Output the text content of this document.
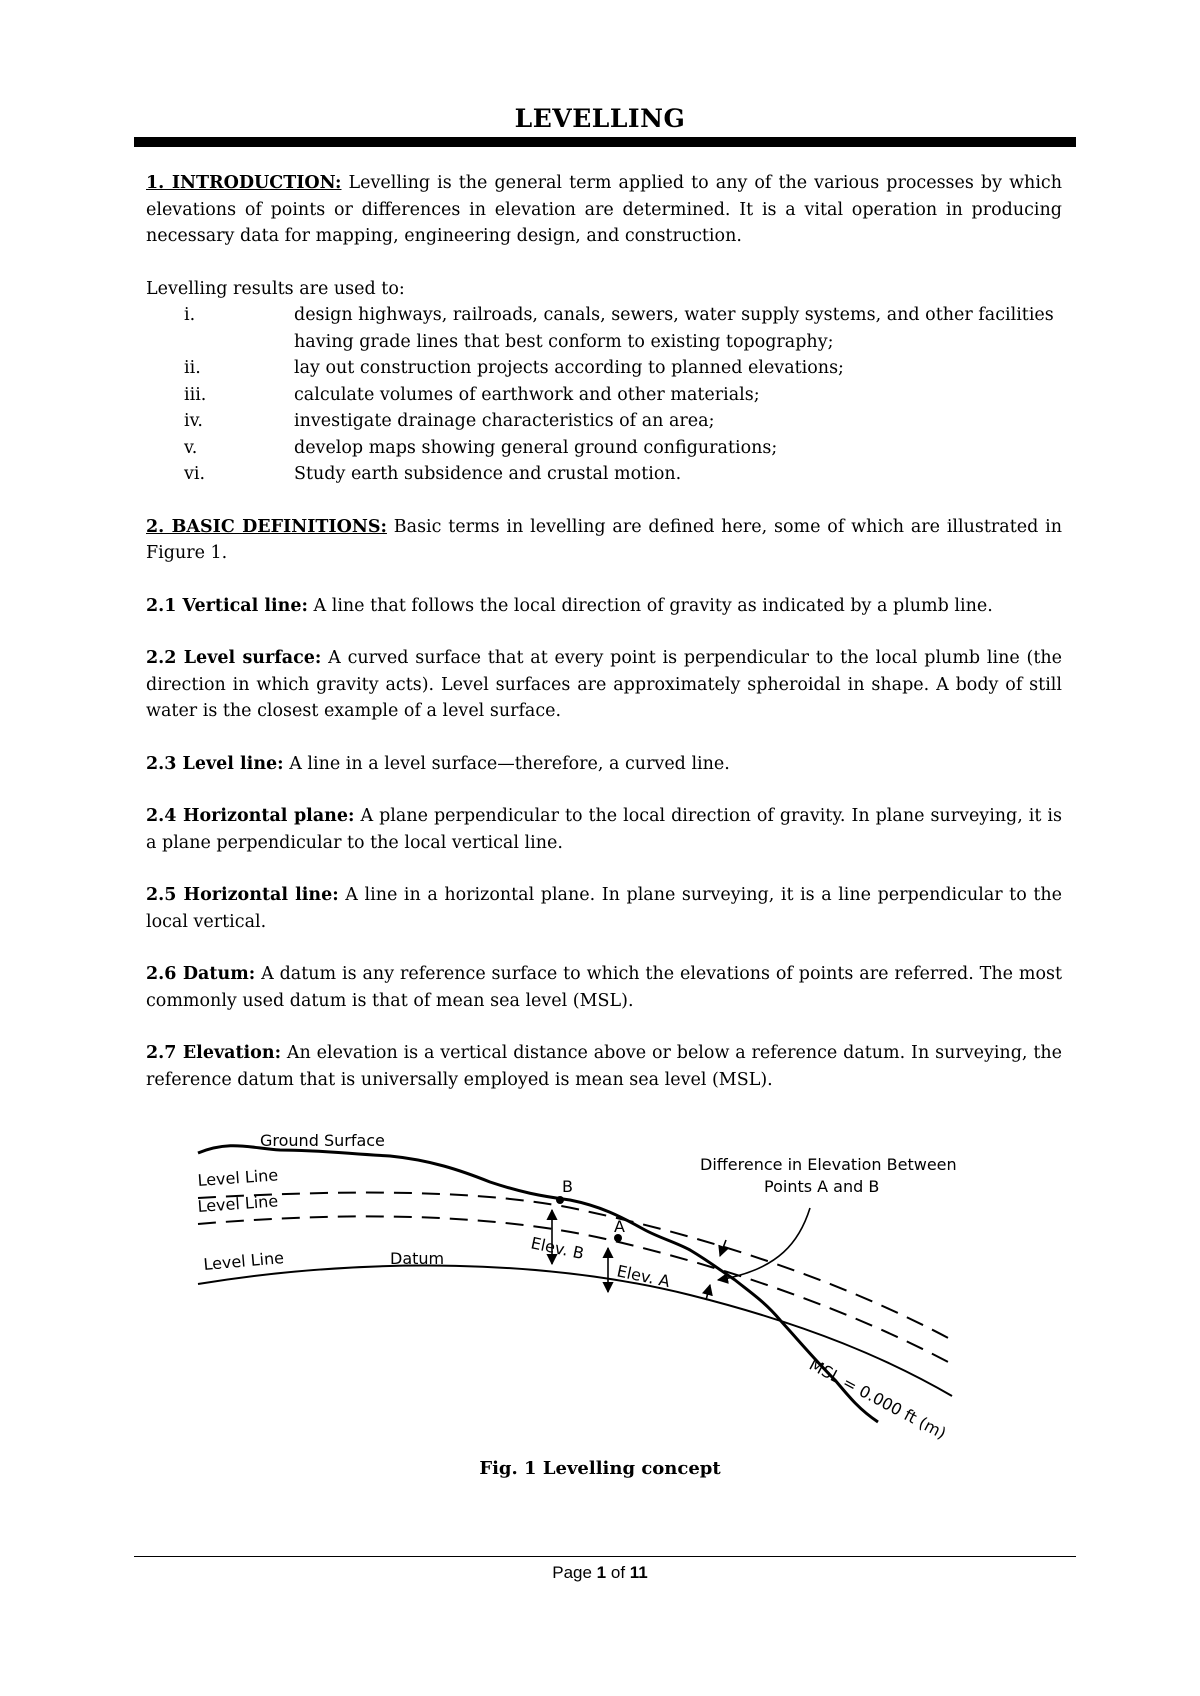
LEVELLING

1. INTRODUCTION: Levelling is the general term applied to any of the various processes by which elevations of points or differences in elevation are determined. It is a vital operation in producing necessary data for mapping, engineering design, and construction.

Levelling results are used to:

i.	design highways, railroads, canals, sewers, water supply systems, and other facilities having grade lines that best conform to existing topography;
ii.	lay out construction projects according to planned elevations;
iii.	calculate volumes of earthwork and other materials;
iv.	investigate drainage characteristics of an area;
v.	develop maps showing general ground configurations;
vi.	Study earth subsidence and crustal motion.

2. BASIC DEFINITIONS: Basic terms in levelling are defined here, some of which are illustrated in Figure 1.

2.1 Vertical line: A line that follows the local direction of gravity as indicated by a plumb line.

2.2 Level surface: A curved surface that at every point is perpendicular to the local plumb line (the direction in which gravity acts). Level surfaces are approximately spheroidal in shape. A body of still water is the closest example of a level surface.

2.3 Level line: A line in a level surface—therefore, a curved line.

2.4 Horizontal plane: A plane perpendicular to the local direction of gravity. In plane surveying, it is a plane perpendicular to the local vertical line.

2.5 Horizontal line: A line in a horizontal plane. In plane surveying, it is a line perpendicular to the local vertical.

2.6 Datum: A datum is any reference surface to which the elevations of points are referred. The most commonly used datum is that of mean sea level (MSL).

2.7 Elevation: An elevation is a vertical distance above or below a reference datum. In surveying, the reference datum that is universally employed is mean sea level (MSL).

Ground Surface
Level Line
Level Line
Level Line	Datum
B
A
Elev. B
Elev. A
Difference in Elevation Between
Points A and B
MSL = 0.000 ft (m)
Fig. 1 Levelling concept
Page 1 of 11
